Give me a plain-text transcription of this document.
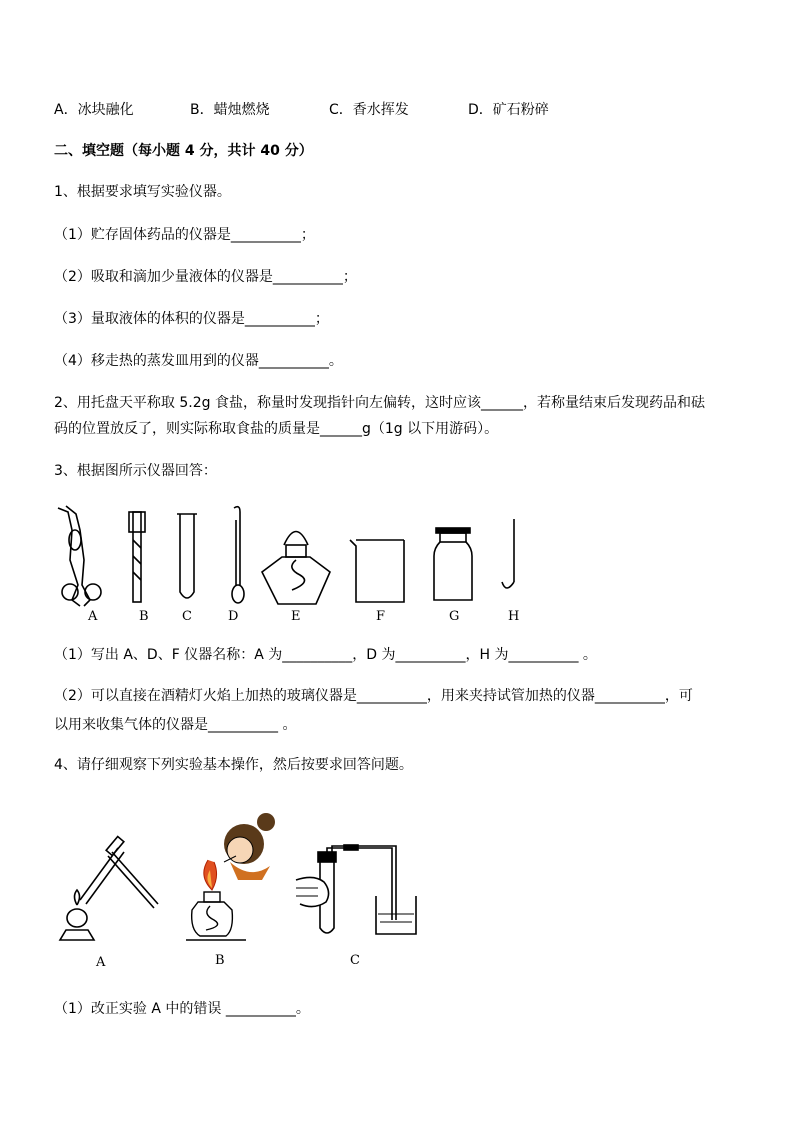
A．冰块融化	B．蜡烛燃烧	C．香水挥发	D．矿石粉碎
二、填空题（每小题 4 分，共计 40 分）
1、根据要求填写实验仪器。
（1）贮存固体药品的仪器是__________；
（2）吸取和滴加少量液体的仪器是__________；
（3）量取液体的体积的仪器是__________；
（4）移走热的蒸发皿用到的仪器__________。
2、用托盘天平称取 5.2g 食盐，称量时发现指针向左偏转，这时应该______，若称量结束后发现药品和砝
码的位置放反了，则实际称取食盐的质量是______g（1g 以下用游码）。
3、根据图所示仪器回答：
A	B	C	D	E	F	G	H
（1）写出 A、D、F 仪器名称：A 为__________，D 为__________，H 为__________ 。
（2）可以直接在酒精灯火焰上加热的玻璃仪器是__________，用来夹持试管加热的仪器__________，可
以用来收集气体的仪器是__________ 。
4、请仔细观察下列实验基本操作，然后按要求回答问题。
A	B	C
（1）改正实验 A 中的错误 __________。
